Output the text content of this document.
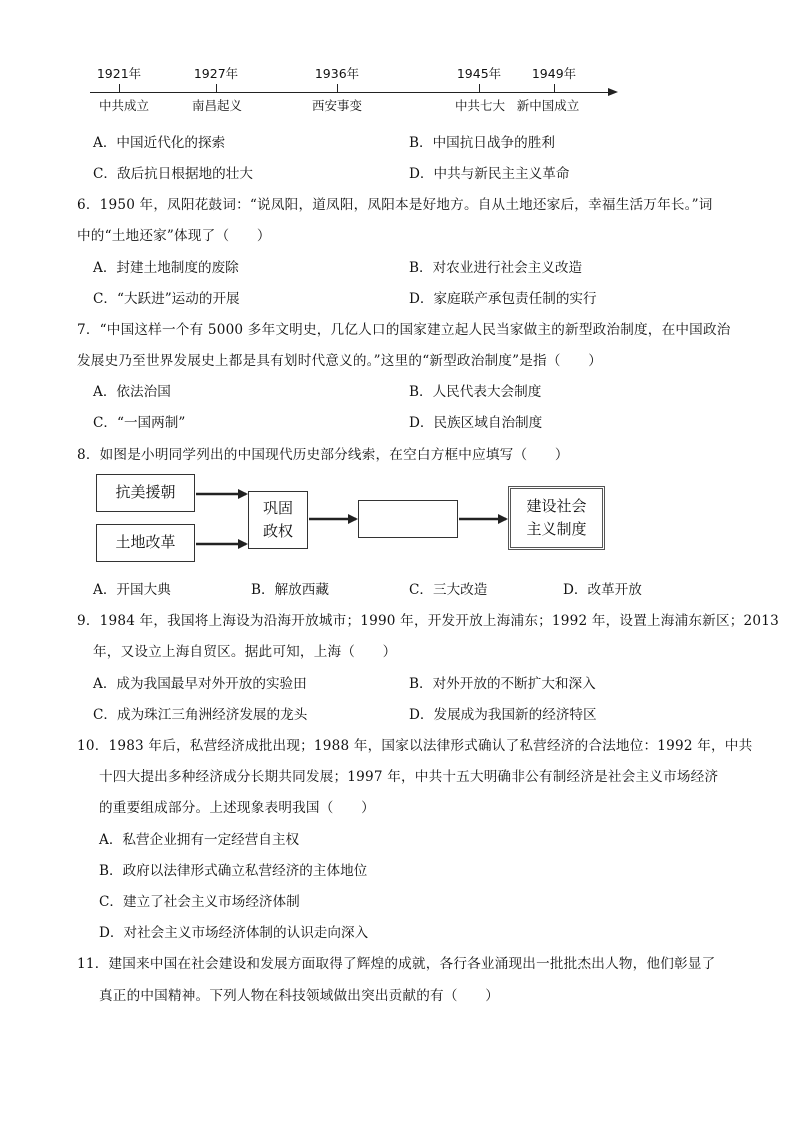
1921年	1927年	1936年	1945年 1949年
中共成立	南昌起义	西安事变	中共七大 新中国成立
A．中国近代化的探索	B．中国抗日战争的胜利
C．敌后抗日根据地的壮大	D．中共与新民主主义革命
6．1950 年，凤阳花鼓词：“说凤阳，道凤阳，凤阳本是好地方。自从土地还家后，幸福生活万年长。”词
中的“土地还家”体现了（　　）
A．封建土地制度的废除	B．对农业进行社会主义改造
C．“大跃进”运动的开展	D．家庭联产承包责任制的实行
7．“中国这样一个有 5000 多年文明史，几亿人口的国家建立起人民当家做主的新型政治制度，在中国政治
发展史乃至世界发展史上都是具有划时代意义的。”这里的“新型政治制度”是指（　　）
A．依法治国	B．人民代表大会制度
C．“一国两制”	D．民族区域自治制度
8．如图是小明同学列出的中国现代历史部分线索，在空白方框中应填写（　　）
抗美援朝
土地改革
巩固
政权
建设社会
主义制度
A．开国大典	B．解放西藏	C．三大改造	D．改革开放
9．1984 年，我国将上海设为沿海开放城市；1990 年，开发开放上海浦东；1992 年，设置上海浦东新区；2013
年，又设立上海自贸区。据此可知，上海（　　）
A．成为我国最早对外开放的实验田	B．对外开放的不断扩大和深入
C．成为珠江三角洲经济发展的龙头	D．发展成为我国新的经济特区
10．1983 年后，私营经济成批出现；1988 年，国家以法律形式确认了私营经济的合法地位：1992 年，中共
十四大提出多种经济成分长期共同发展；1997 年，中共十五大明确非公有制经济是社会主义市场经济
的重要组成部分。上述现象表明我国（　　）
A．私营企业拥有一定经营自主权
B．政府以法律形式确立私营经济的主体地位
C．建立了社会主义市场经济体制
D．对社会主义市场经济体制的认识走向深入
11．建国来中国在社会建设和发展方面取得了辉煌的成就，各行各业涌现出一批批杰出人物，他们彰显了
真正的中国精神。下列人物在科技领域做出突出贡献的有（　　）
